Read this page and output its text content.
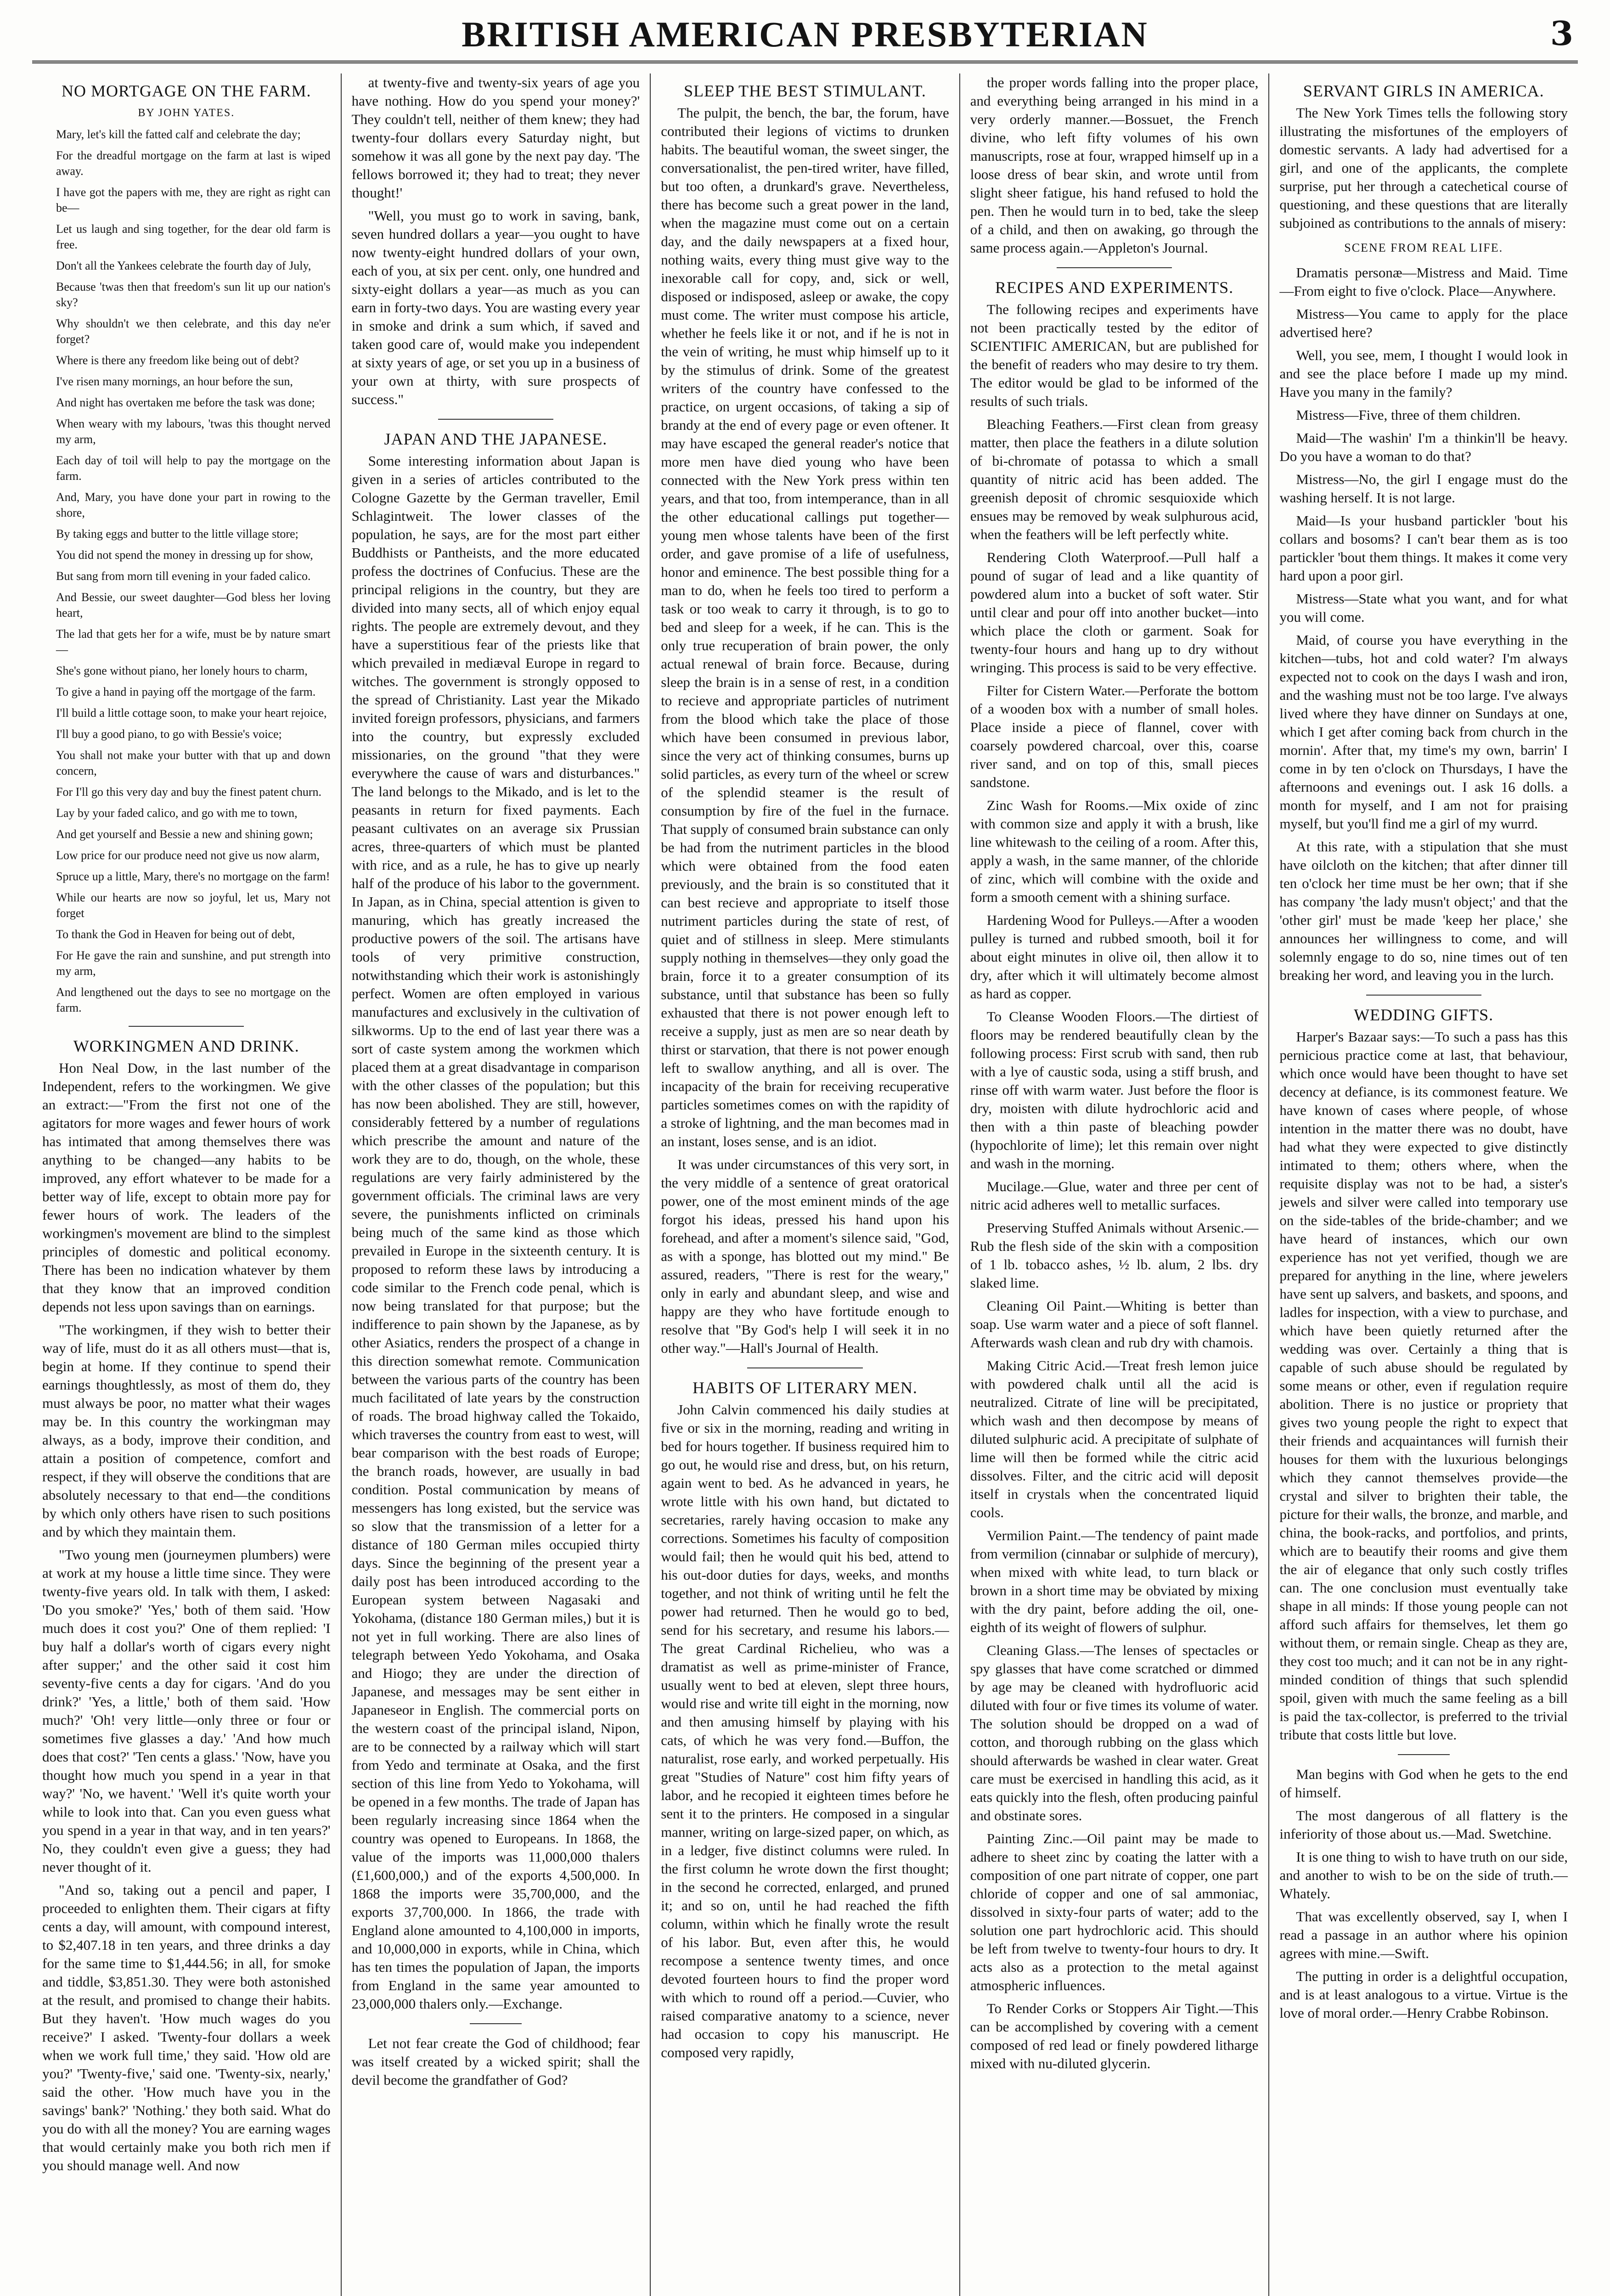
BRITISH AMERICAN PRESBYTERIAN	3
NO MORTGAGE ON THE FARM.
BY JOHN YATES.

Mary, let's kill the fatted calf and celebrate the day;

For the dreadful mortgage on the farm at last is wiped away.

I have got the papers with me, they are right as right can be—

Let us laugh and sing together, for the dear old farm is free.

Don't all the Yankees celebrate the fourth day of July,

Because 'twas then that freedom's sun lit up our nation's sky?

Why shouldn't we then celebrate, and this day ne'er forget?

Where is there any freedom like being out of debt?

I've risen many mornings, an hour before the sun,

And night has overtaken me before the task was done;

When weary with my labours, 'twas this thought nerved my arm,

Each day of toil will help to pay the mortgage on the farm.

And, Mary, you have done your part in rowing to the shore,

By taking eggs and butter to the little village store;

You did not spend the money in dressing up for show,

But sang from morn till evening in your faded calico.

And Bessie, our sweet daughter—God bless her loving heart,

The lad that gets her for a wife, must be by nature smart—

She's gone without piano, her lonely hours to charm,

To give a hand in paying off the mortgage of the farm.

I'll build a little cottage soon, to make your heart rejoice,

I'll buy a good piano, to go with Bessie's voice;

You shall not make your butter with that up and down concern,

For I'll go this very day and buy the finest patent churn.

Lay by your faded calico, and go with me to town,

And get yourself and Bessie a new and shining gown;

Low price for our produce need not give us now alarm,

Spruce up a little, Mary, there's no mortgage on the farm!

While our hearts are now so joyful, let us, Mary not forget

To thank the God in Heaven for being out of debt,

For He gave the rain and sunshine, and put strength into my arm,

And lengthened out the days to see no mortgage on the farm.

WORKINGMEN AND DRINK.

Hon Neal Dow, in the last number of the Independent, refers to the workingmen. We give an extract:—"From the first not one of the agitators for more wages and fewer hours of work has intimated that among themselves there was anything to be changed—any habits to be improved, any effort whatever to be made for a better way of life, except to obtain more pay for fewer hours of work. The leaders of the workingmen's movement are blind to the simplest principles of domestic and political economy. There has been no indication whatever by them that they know that an improved condition depends not less upon savings than on earnings.

"The workingmen, if they wish to better their way of life, must do it as all others must—that is, begin at home. If they continue to spend their earnings thoughtlessly, as most of them do, they must always be poor, no matter what their wages may be. In this country the workingman may always, as a body, improve their condition, and attain a position of competence, comfort and respect, if they will observe the conditions that are absolutely necessary to that end—the conditions by which only others have risen to such positions and by which they maintain them.

"Two young men (journeymen plumbers) were at work at my house a little time since. They were twenty-five years old. In talk with them, I asked: 'Do you smoke?' 'Yes,' both of them said. 'How much does it cost you?' One of them replied: 'I buy half a dollar's worth of cigars every night after supper;' and the other said it cost him seventy-five cents a day for cigars. 'And do you drink?' 'Yes, a little,' both of them said. 'How much?' 'Oh! very little—only three or four or sometimes five glasses a day.' 'And how much does that cost?' 'Ten cents a glass.' 'Now, have you thought how much you spend in a year in that way?' 'No, we havent.' 'Well it's quite worth your while to look into that. Can you even guess what you spend in a year in that way, and in ten years?' No, they couldn't even give a guess; they had never thought of it.

"And so, taking out a pencil and paper, I proceeded to enlighten them. Their cigars at fifty cents a day, will amount, with compound interest, to $2,407.18 in ten years, and three drinks a day for the same time to $1,444.56; in all, for smoke and tiddle, $3,851.30. They were both astonished at the result, and promised to change their habits. But they haven't. 'How much wages do you receive?' I asked. 'Twenty-four dollars a week when we work full time,' they said. 'How old are you?' 'Twenty-five,' said one. 'Twenty-six, nearly,' said the other. 'How much have you in the savings' bank?' 'Nothing.' they both said. What do you do with all the money? You are earning wages that would certainly make you both rich men if you should manage well. And now

at twenty-five and twenty-six years of age you have nothing. How do you spend your money?' They couldn't tell, neither of them knew; they had twenty-four dollars every Saturday night, but somehow it was all gone by the next pay day. 'The fellows borrowed it; they had to treat; they never thought!'

"Well, you must go to work in saving, bank, seven hundred dollars a year—you ought to have now twenty-eight hundred dollars of your own, each of you, at six per cent. only, one hundred and sixty-eight dollars a year—as much as you can earn in forty-two days. You are wasting every year in smoke and drink a sum which, if saved and taken good care of, would make you independent at sixty years of age, or set you up in a business of your own at thirty, with sure prospects of success."

JAPAN AND THE JAPANESE.

Some interesting information about Japan is given in a series of articles contributed to the Cologne Gazette by the German traveller, Emil Schlagintweit. The lower classes of the population, he says, are for the most part either Buddhists or Pantheists, and the more educated profess the doctrines of Confucius. These are the principal religions in the country, but they are divided into many sects, all of which enjoy equal rights. The people are extremely devout, and they have a superstitious fear of the priests like that which prevailed in mediæval Europe in regard to witches. The government is strongly opposed to the spread of Christianity. Last year the Mikado invited foreign professors, physicians, and farmers into the country, but expressly excluded missionaries, on the ground "that they were everywhere the cause of wars and disturbances." The land belongs to the Mikado, and is let to the peasants in return for fixed payments. Each peasant cultivates on an average six Prussian acres, three-quarters of which must be planted with rice, and as a rule, he has to give up nearly half of the produce of his labor to the government. In Japan, as in China, special attention is given to manuring, which has greatly increased the productive powers of the soil. The artisans have tools of very primitive construction, notwithstanding which their work is astonishingly perfect. Women are often employed in various manufactures and exclusively in the cultivation of silkworms. Up to the end of last year there was a sort of caste system among the workmen which placed them at a great disadvantage in comparison with the other classes of the population; but this has now been abolished. They are still, however, considerably fettered by a number of regulations which prescribe the amount and nature of the work they are to do, though, on the whole, these regulations are very fairly administered by the government officials. The criminal laws are very severe, the punishments inflicted on criminals being much of the same kind as those which prevailed in Europe in the sixteenth century. It is proposed to reform these laws by introducing a code similar to the French code penal, which is now being translated for that purpose; but the indifference to pain shown by the Japanese, as by other Asiatics, renders the prospect of a change in this direction somewhat remote. Communication between the various parts of the country has been much facilitated of late years by the construction of roads. The broad highway called the Tokaido, which traverses the country from east to west, will bear comparison with the best roads of Europe; the branch roads, however, are usually in bad condition. Postal communication by means of messengers has long existed, but the service was so slow that the transmission of a letter for a distance of 180 German miles occupied thirty days. Since the beginning of the present year a daily post has been introduced according to the European system between Nagasaki and Yokohama, (distance 180 German miles,) but it is not yet in full working. There are also lines of telegraph between Yedo Yokohama, and Osaka and Hiogo; they are under the direction of Japanese, and messages may be sent either in Japaneseor in English. The commercial ports on the western coast of the principal island, Nipon, are to be connected by a railway which will start from Yedo and terminate at Osaka, and the first section of this line from Yedo to Yokohama, will be opened in a few months. The trade of Japan has been regularly increasing since 1864 when the country was opened to Europeans. In 1868, the value of the imports was 11,000,000 thalers (£1,600,000,) and of the exports 4,500,000. In 1868 the imports were 35,700,000, and the exports 37,700,000. In 1866, the trade with England alone amounted to 4,100,000 in imports, and 10,000,000 in exports, while in China, which has ten times the population of Japan, the imports from England in the same year amounted to 23,000,000 thalers only.—Exchange.

Let not fear create the God of childhood; fear was itself created by a wicked spirit; shall the devil become the grandfather of God?

SLEEP THE BEST STIMULANT.

The pulpit, the bench, the bar, the forum, have contributed their legions of victims to drunken habits. The beautiful woman, the sweet singer, the conversationalist, the pen-tired writer, have filled, but too often, a drunkard's grave. Nevertheless, there has become such a great power in the land, when the magazine must come out on a certain day, and the daily newspapers at a fixed hour, nothing waits, every thing must give way to the inexorable call for copy, and, sick or well, disposed or indisposed, asleep or awake, the copy must come. The writer must compose his article, whether he feels like it or not, and if he is not in the vein of writing, he must whip himself up to it by the stimulus of drink. Some of the greatest writers of the country have confessed to the practice, on urgent occasions, of taking a sip of brandy at the end of every page or even oftener. It may have escaped the general reader's notice that more men have died young who have been connected with the New York press within ten years, and that too, from intemperance, than in all the other educational callings put together—young men whose talents have been of the first order, and gave promise of a life of usefulness, honor and eminence. The best possible thing for a man to do, when he feels too tired to perform a task or too weak to carry it through, is to go to bed and sleep for a week, if he can. This is the only true recuperation of brain power, the only actual renewal of brain force. Because, during sleep the brain is in a sense of rest, in a condition to recieve and appropriate particles of nutriment from the blood which take the place of those which have been consumed in previous labor, since the very act of thinking consumes, burns up solid particles, as every turn of the wheel or screw of the splendid steamer is the result of consumption by fire of the fuel in the furnace. That supply of consumed brain substance can only be had from the nutriment particles in the blood which were obtained from the food eaten previously, and the brain is so constituted that it can best recieve and appropriate to itself those nutriment particles during the state of rest, of quiet and of stillness in sleep. Mere stimulants supply nothing in themselves—they only goad the brain, force it to a greater consumption of its substance, until that substance has been so fully exhausted that there is not power enough left to receive a supply, just as men are so near death by thirst or starvation, that there is not power enough left to swallow anything, and all is over. The incapacity of the brain for receiving recuperative particles sometimes comes on with the rapidity of a stroke of lightning, and the man becomes mad in an instant, loses sense, and is an idiot.

It was under circumstances of this very sort, in the very middle of a sentence of great oratorical power, one of the most eminent minds of the age forgot his ideas, pressed his hand upon his forehead, and after a moment's silence said, "God, as with a sponge, has blotted out my mind." Be assured, readers, "There is rest for the weary," only in early and abundant sleep, and wise and happy are they who have fortitude enough to resolve that "By God's help I will seek it in no other way."—Hall's Journal of Health.

HABITS OF LITERARY MEN.

John Calvin commenced his daily studies at five or six in the morning, reading and writing in bed for hours together. If business required him to go out, he would rise and dress, but, on his return, again went to bed. As he advanced in years, he wrote little with his own hand, but dictated to secretaries, rarely having occasion to make any corrections. Sometimes his faculty of composition would fail; then he would quit his bed, attend to his out-door duties for days, weeks, and months together, and not think of writing until he felt the power had returned. Then he would go to bed, send for his secretary, and resume his labors.—The great Cardinal Richelieu, who was a dramatist as well as prime-minister of France, usually went to bed at eleven, slept three hours, would rise and write till eight in the morning, now and then amusing himself by playing with his cats, of which he was very fond.—Buffon, the naturalist, rose early, and worked perpetually. His great "Studies of Nature" cost him fifty years of labor, and he recopied it eighteen times before he sent it to the printers. He composed in a singular manner, writing on large-sized paper, on which, as in a ledger, five distinct columns were ruled. In the first column he wrote down the first thought; in the second he corrected, enlarged, and pruned it; and so on, until he had reached the fifth column, within which he finally wrote the result of his labor. But, even after this, he would recompose a sentence twenty times, and once devoted fourteen hours to find the proper word with which to round off a period.—Cuvier, who raised comparative anatomy to a science, never had occasion to copy his manuscript. He composed very rapidly,

the proper words falling into the proper place, and everything being arranged in his mind in a very orderly manner.—Bossuet, the French divine, who left fifty volumes of his own manuscripts, rose at four, wrapped himself up in a loose dress of bear skin, and wrote until from slight sheer fatigue, his hand refused to hold the pen. Then he would turn in to bed, take the sleep of a child, and then on awaking, go through the same process again.—Appleton's Journal.

RECIPES AND EXPERIMENTS.

The following recipes and experiments have not been practically tested by the editor of SCIENTIFIC AMERICAN, but are published for the benefit of readers who may desire to try them. The editor would be glad to be informed of the results of such trials.

Bleaching Feathers.—First clean from greasy matter, then place the feathers in a dilute solution of bi-chromate of potassa to which a small quantity of nitric acid has been added. The greenish deposit of chromic sesquioxide which ensues may be removed by weak sulphurous acid, when the feathers will be left perfectly white.

Rendering Cloth Waterproof.—Pull half a pound of sugar of lead and a like quantity of powdered alum into a bucket of soft water. Stir until clear and pour off into another bucket—into which place the cloth or garment. Soak for twenty-four hours and hang up to dry without wringing. This process is said to be very effective.

Filter for Cistern Water.—Perforate the bottom of a wooden box with a number of small holes. Place inside a piece of flannel, cover with coarsely powdered charcoal, over this, coarse river sand, and on top of this, small pieces sandstone.

Zinc Wash for Rooms.—Mix oxide of zinc with common size and apply it with a brush, like line whitewash to the ceiling of a room. After this, apply a wash, in the same manner, of the chloride of zinc, which will combine with the oxide and form a smooth cement with a shining surface.

Hardening Wood for Pulleys.—After a wooden pulley is turned and rubbed smooth, boil it for about eight minutes in olive oil, then allow it to dry, after which it will ultimately become almost as hard as copper.

To Cleanse Wooden Floors.—The dirtiest of floors may be rendered beautifully clean by the following process: First scrub with sand, then rub with a lye of caustic soda, using a stiff brush, and rinse off with warm water. Just before the floor is dry, moisten with dilute hydrochloric acid and then with a thin paste of bleaching powder (hypochlorite of lime); let this remain over night and wash in the morning.

Mucilage.—Glue, water and three per cent of nitric acid adheres well to metallic surfaces.

Preserving Stuffed Animals without Arsenic.—Rub the flesh side of the skin with a composition of 1 lb. tobacco ashes, ½ lb. alum, 2 lbs. dry slaked lime.

Cleaning Oil Paint.—Whiting is better than soap. Use warm water and a piece of soft flannel. Afterwards wash clean and rub dry with chamois.

Making Citric Acid.—Treat fresh lemon juice with powdered chalk until all the acid is neutralized. Citrate of line will be precipitated, which wash and then decompose by means of diluted sulphuric acid. A precipitate of sulphate of lime will then be formed while the citric acid dissolves. Filter, and the citric acid will deposit itself in crystals when the concentrated liquid cools.

Vermilion Paint.—The tendency of paint made from vermilion (cinnabar or sulphide of mercury), when mixed with white lead, to turn black or brown in a short time may be obviated by mixing with the dry paint, before adding the oil, one-eighth of its weight of flowers of sulphur.

Cleaning Glass.—The lenses of spectacles or spy glasses that have come scratched or dimmed by age may be cleaned with hydrofluoric acid diluted with four or five times its volume of water. The solution should be dropped on a wad of cotton, and thorough rubbing on the glass which should afterwards be washed in clear water. Great care must be exercised in handling this acid, as it eats quickly into the flesh, often producing painful and obstinate sores.

Painting Zinc.—Oil paint may be made to adhere to sheet zinc by coating the latter with a composition of one part nitrate of copper, one part chloride of copper and one of sal ammoniac, dissolved in sixty-four parts of water; add to the solution one part hydrochloric acid. This should be left from twelve to twenty-four hours to dry. It acts also as a protection to the metal against atmospheric influences.

To Render Corks or Stoppers Air Tight.—This can be accomplished by covering with a cement composed of red lead or finely powdered litharge mixed with nu-diluted glycerin.

SERVANT GIRLS IN AMERICA.

The New York Times tells the following story illustrating the misfortunes of the employers of domestic servants. A lady had advertised for a girl, and one of the applicants, the complete surprise, put her through a catechetical course of questioning, and these questions that are literally subjoined as contributions to the annals of misery:

SCENE FROM REAL LIFE.

Dramatis personæ—Mistress and Maid. Time—From eight to five o'clock. Place—Anywhere.

Mistress—You came to apply for the place advertised here?

Well, you see, mem, I thought I would look in and see the place before I made up my mind. Have you many in the family?

Mistress—Five, three of them children.

Maid—The washin' I'm a thinkin'll be heavy. Do you have a woman to do that?

Mistress—No, the girl I engage must do the washing herself. It is not large.

Maid—Is your husband partickler 'bout his collars and bosoms? I can't bear them as is too partickler 'bout them things. It makes it come very hard upon a poor girl.

Mistress—State what you want, and for what you will come.

Maid, of course you have everything in the kitchen—tubs, hot and cold water? I'm always expected not to cook on the days I wash and iron, and the washing must not be too large. I've always lived where they have dinner on Sundays at one, which I get after coming back from church in the mornin'. After that, my time's my own, barrin' I come in by ten o'clock on Thursdays, I have the afternoons and evenings out. I ask 16 dolls. a month for myself, and I am not for praising myself, but you'll find me a girl of my wurrd.

At this rate, with a stipulation that she must have oilcloth on the kitchen; that after dinner till ten o'clock her time must be her own; that if she has company 'the lady musn't object;' and that the 'other girl' must be made 'keep her place,' she announces her willingness to come, and will solemnly engage to do so, nine times out of ten breaking her word, and leaving you in the lurch.

WEDDING GIFTS.

Harper's Bazaar says:—To such a pass has this pernicious practice come at last, that behaviour, which once would have been thought to have set decency at defiance, is its commonest feature. We have known of cases where people, of whose intention in the matter there was no doubt, have had what they were expected to give distinctly intimated to them; others where, when the requisite display was not to be had, a sister's jewels and silver were called into temporary use on the side-tables of the bride-chamber; and we have heard of instances, which our own experience has not yet verified, though we are prepared for anything in the line, where jewelers have sent up salvers, and baskets, and spoons, and ladles for inspection, with a view to purchase, and which have been quietly returned after the wedding was over. Certainly a thing that is capable of such abuse should be regulated by some means or other, even if regulation require abolition. There is no justice or propriety that gives two young people the right to expect that their friends and acquaintances will furnish their houses for them with the luxurious belongings which they cannot themselves provide—the crystal and silver to brighten their table, the picture for their walls, the bronze, and marble, and china, the book-racks, and portfolios, and prints, which are to beautify their rooms and give them the air of elegance that only such costly trifles can. The one conclusion must eventually take shape in all minds: If those young people can not afford such affairs for themselves, let them go without them, or remain single. Cheap as they are, they cost too much; and it can not be in any right-minded condition of things that such splendid spoil, given with much the same feeling as a bill is paid the tax-collector, is preferred to the trivial tribute that costs little but love.

Man begins with God when he gets to the end of himself.

The most dangerous of all flattery is the inferiority of those about us.—Mad. Swetchine.

It is one thing to wish to have truth on our side, and another to wish to be on the side of truth.—Whately.

That was excellently observed, say I, when I read a passage in an author where his opinion agrees with mine.—Swift.

The putting in order is a delightful occupation, and is at least analogous to a virtue. Virtue is the love of moral order.—Henry Crabbe Robinson.
